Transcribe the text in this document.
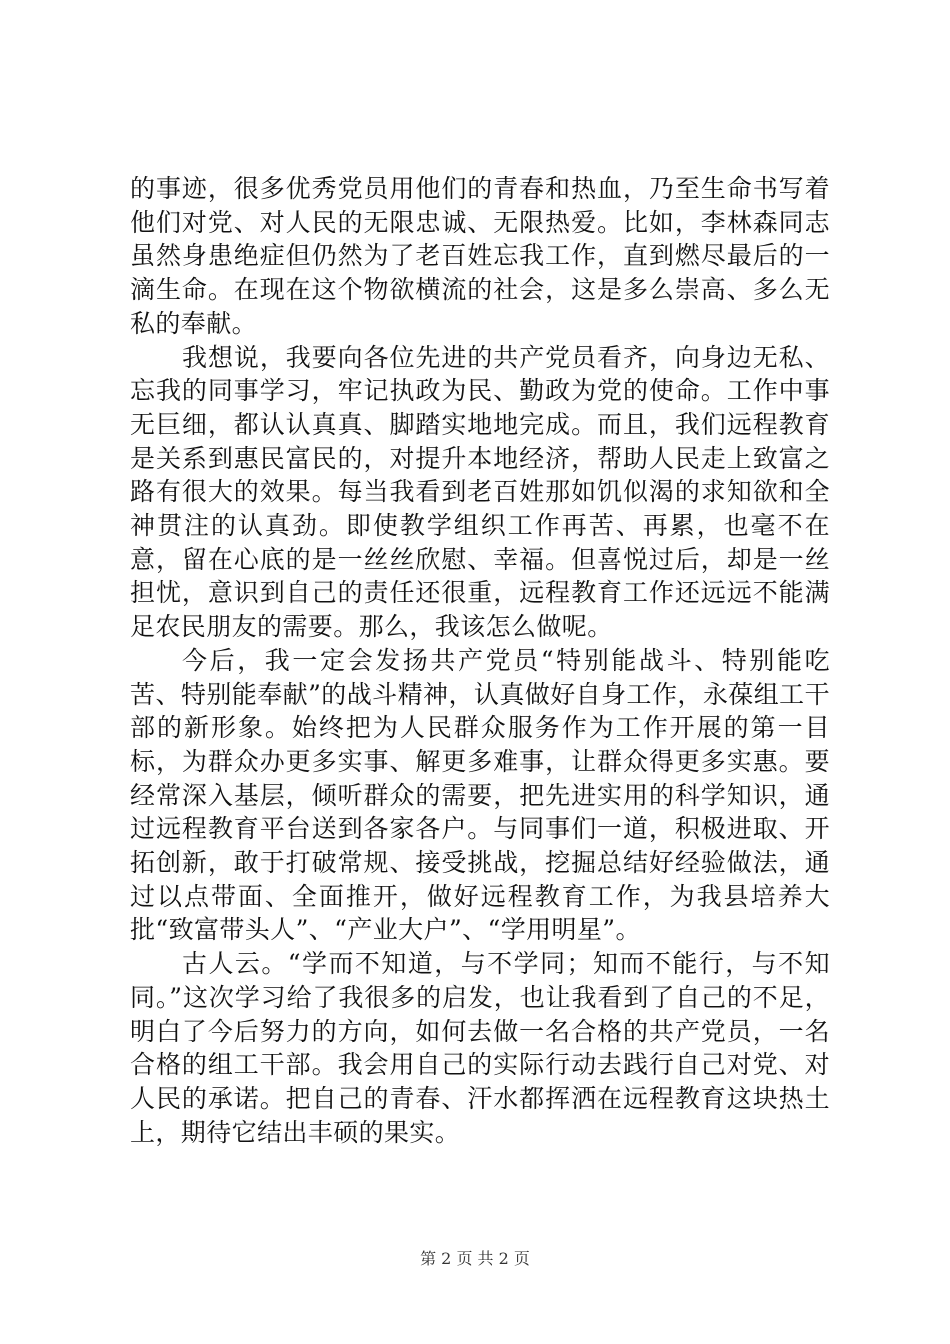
的事迹，很多优秀党员用他们的青春和热血，乃至生命书写着他们对党、对人民的无限忠诚、无限热爱。比如，李林森同志虽然身患绝症但仍然为了老百姓忘我工作，直到燃尽最后的一滴生命。在现在这个物欲横流的社会，这是多么崇高、多么无私的奉献。

我想说，我要向各位先进的共产党员看齐，向身边无私、忘我的同事学习，牢记执政为民、勤政为党的使命。工作中事无巨细，都认认真真、脚踏实地地完成。而且，我们远程教育是关系到惠民富民的，对提升本地经济，帮助人民走上致富之路有很大的效果。每当我看到老百姓那如饥似渴的求知欲和全神贯注的认真劲。即使教学组织工作再苦、再累，也毫不在意，留在心底的是一丝丝欣慰、幸福。但喜悦过后，却是一丝担忧，意识到自己的责任还很重，远程教育工作还远远不能满足农民朋友的需要。那么，我该怎么做呢。

今后，我一定会发扬共产党员“特别能战斗、特别能吃苦、特别能奉献”的战斗精神，认真做好自身工作，永葆组工干部的新形象。始终把为人民群众服务作为工作开展的第一目标，为群众办更多实事、解更多难事，让群众得更多实惠。要经常深入基层，倾听群众的需要，把先进实用的科学知识，通过远程教育平台送到各家各户。与同事们一道，积极进取、开拓创新，敢于打破常规、接受挑战，挖掘总结好经验做法，通过以点带面、全面推开，做好远程教育工作，为我县培养大批“致富带头人”、“产业大户”、“学用明星”。

古人云。“学而不知道，与不学同；知而不能行，与不知同。”这次学习给了我很多的启发，也让我看到了自己的不足，明白了今后努力的方向，如何去做一名合格的共产党员，一名合格的组工干部。我会用自己的实际行动去践行自己对党、对人民的承诺。把自己的青春、汗水都挥洒在远程教育这块热土上，期待它结出丰硕的果实。

第 2 页 共 2 页
